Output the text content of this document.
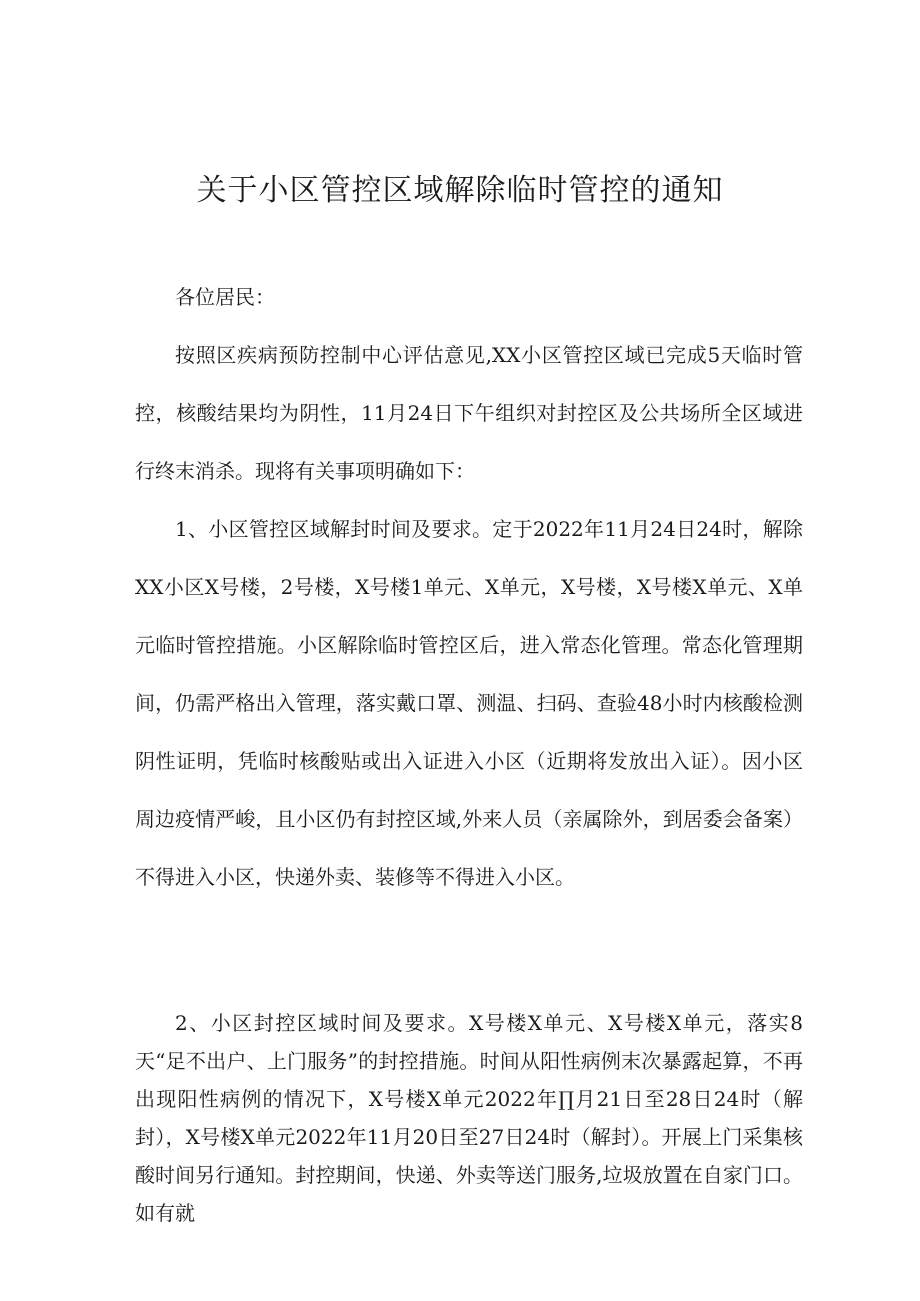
关于小区管控区域解除临时管控的通知

各位居民：

按照区疾病预防控制中心评估意见,XX小区管控区域已完成5天临时管控，核酸结果均为阴性，11月24日下午组织对封控区及公共场所全区域进行终末消杀。现将有关事项明确如下：

1、小区管控区域解封时间及要求。定于2022年11月24日24时，解除XX小区X号楼，2号楼，X号楼1单元、X单元，X号楼，X号楼X单元、X单元临时管控措施。小区解除临时管控区后，进入常态化管理。常态化管理期间，仍需严格出入管理，落实戴口罩、测温、扫码、查验48小时内核酸检测阴性证明，凭临时核酸贴或出入证进入小区（近期将发放出入证）。因小区周边疫情严峻，且小区仍有封控区域,外来人员（亲属除外，到居委会备案）不得进入小区，快递外卖、装修等不得进入小区。

2、小区封控区域时间及要求。X号楼X单元、X号楼X单元，落实8天“足不出户、上门服务”的封控措施。时间从阳性病例末次暴露起算，不再出现阳性病例的情况下，X号楼X单元2022年∏月21日至28日24时（解封），X号楼X单元2022年11月20日至27日24时（解封）。开展上门采集核酸时间另行通知。封控期间，快递、外卖等送门服务,垃圾放置在自家门口。如有就
